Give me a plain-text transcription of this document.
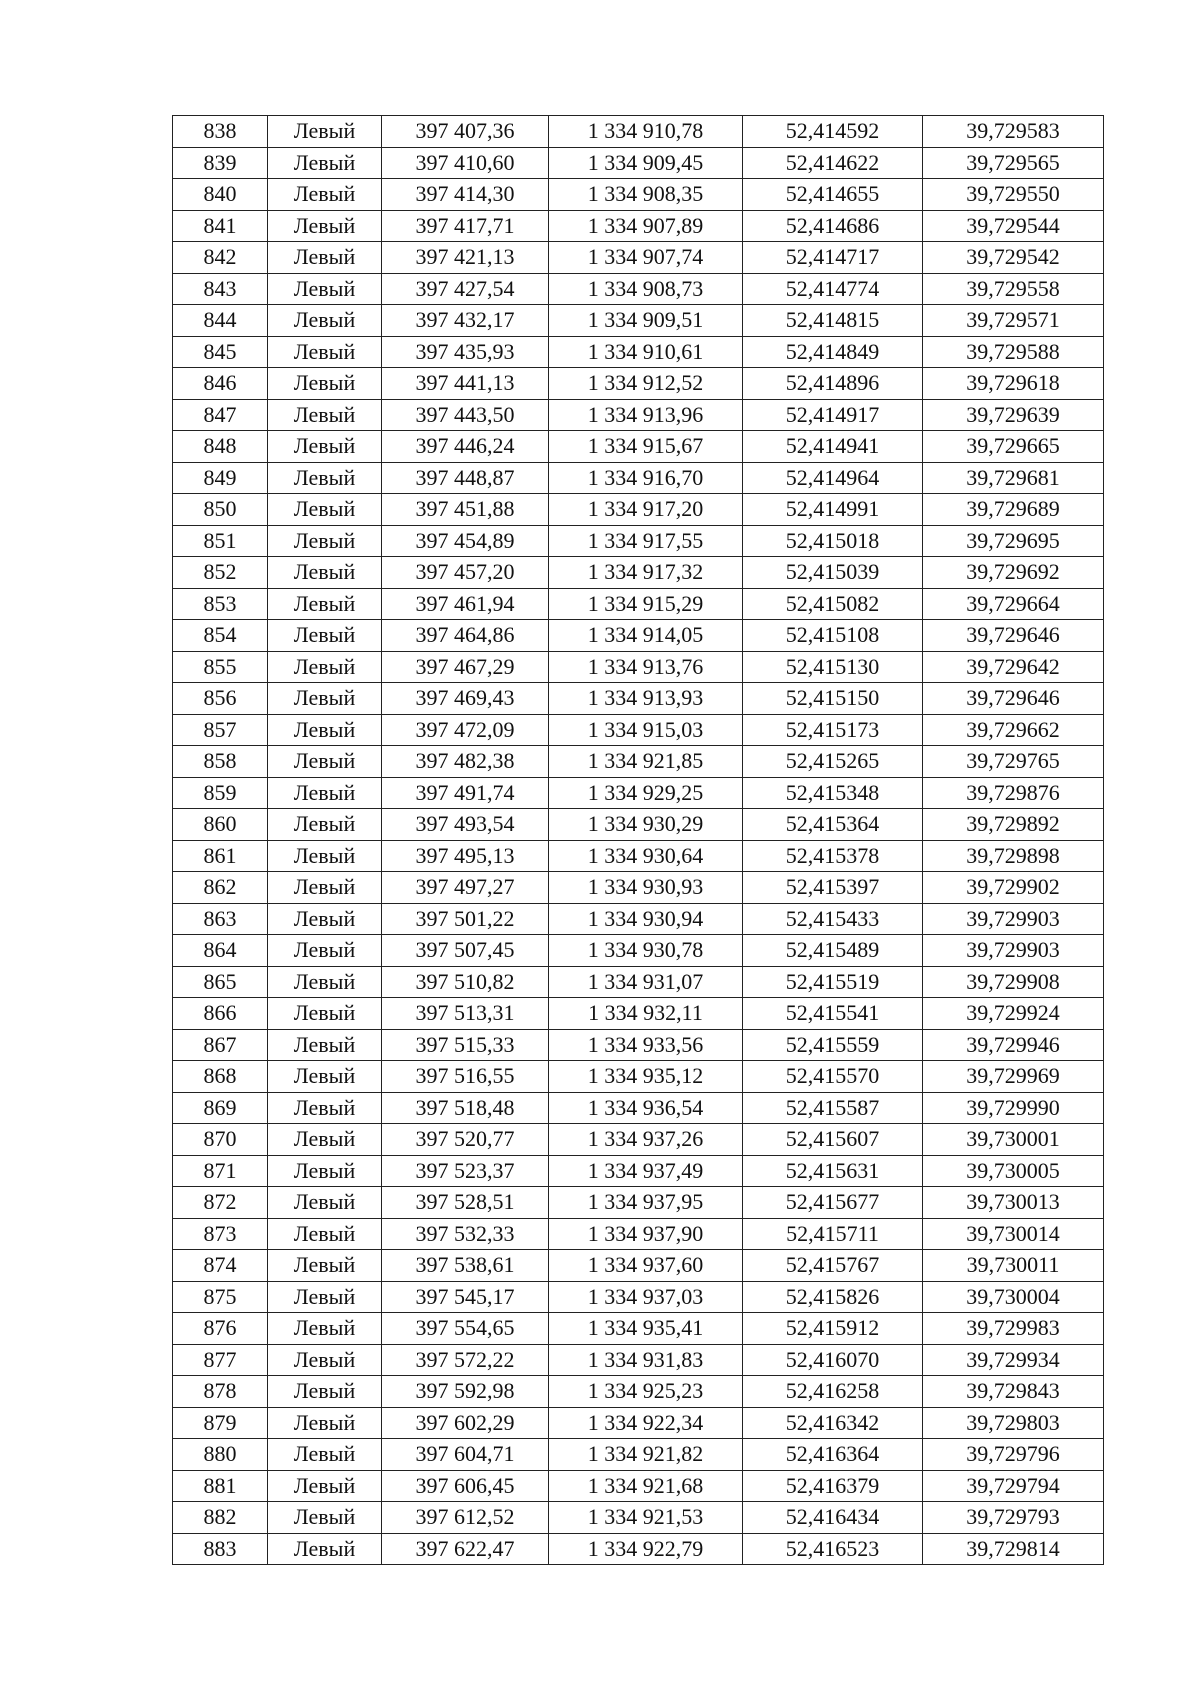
838	Левый	397 407,36	1 334 910,78	52,414592	39,729583
839	Левый	397 410,60	1 334 909,45	52,414622	39,729565
840	Левый	397 414,30	1 334 908,35	52,414655	39,729550
841	Левый	397 417,71	1 334 907,89	52,414686	39,729544
842	Левый	397 421,13	1 334 907,74	52,414717	39,729542
843	Левый	397 427,54	1 334 908,73	52,414774	39,729558
844	Левый	397 432,17	1 334 909,51	52,414815	39,729571
845	Левый	397 435,93	1 334 910,61	52,414849	39,729588
846	Левый	397 441,13	1 334 912,52	52,414896	39,729618
847	Левый	397 443,50	1 334 913,96	52,414917	39,729639
848	Левый	397 446,24	1 334 915,67	52,414941	39,729665
849	Левый	397 448,87	1 334 916,70	52,414964	39,729681
850	Левый	397 451,88	1 334 917,20	52,414991	39,729689
851	Левый	397 454,89	1 334 917,55	52,415018	39,729695
852	Левый	397 457,20	1 334 917,32	52,415039	39,729692
853	Левый	397 461,94	1 334 915,29	52,415082	39,729664
854	Левый	397 464,86	1 334 914,05	52,415108	39,729646
855	Левый	397 467,29	1 334 913,76	52,415130	39,729642
856	Левый	397 469,43	1 334 913,93	52,415150	39,729646
857	Левый	397 472,09	1 334 915,03	52,415173	39,729662
858	Левый	397 482,38	1 334 921,85	52,415265	39,729765
859	Левый	397 491,74	1 334 929,25	52,415348	39,729876
860	Левый	397 493,54	1 334 930,29	52,415364	39,729892
861	Левый	397 495,13	1 334 930,64	52,415378	39,729898
862	Левый	397 497,27	1 334 930,93	52,415397	39,729902
863	Левый	397 501,22	1 334 930,94	52,415433	39,729903
864	Левый	397 507,45	1 334 930,78	52,415489	39,729903
865	Левый	397 510,82	1 334 931,07	52,415519	39,729908
866	Левый	397 513,31	1 334 932,11	52,415541	39,729924
867	Левый	397 515,33	1 334 933,56	52,415559	39,729946
868	Левый	397 516,55	1 334 935,12	52,415570	39,729969
869	Левый	397 518,48	1 334 936,54	52,415587	39,729990
870	Левый	397 520,77	1 334 937,26	52,415607	39,730001
871	Левый	397 523,37	1 334 937,49	52,415631	39,730005
872	Левый	397 528,51	1 334 937,95	52,415677	39,730013
873	Левый	397 532,33	1 334 937,90	52,415711	39,730014
874	Левый	397 538,61	1 334 937,60	52,415767	39,730011
875	Левый	397 545,17	1 334 937,03	52,415826	39,730004
876	Левый	397 554,65	1 334 935,41	52,415912	39,729983
877	Левый	397 572,22	1 334 931,83	52,416070	39,729934
878	Левый	397 592,98	1 334 925,23	52,416258	39,729843
879	Левый	397 602,29	1 334 922,34	52,416342	39,729803
880	Левый	397 604,71	1 334 921,82	52,416364	39,729796
881	Левый	397 606,45	1 334 921,68	52,416379	39,729794
882	Левый	397 612,52	1 334 921,53	52,416434	39,729793
883	Левый	397 622,47	1 334 922,79	52,416523	39,729814
